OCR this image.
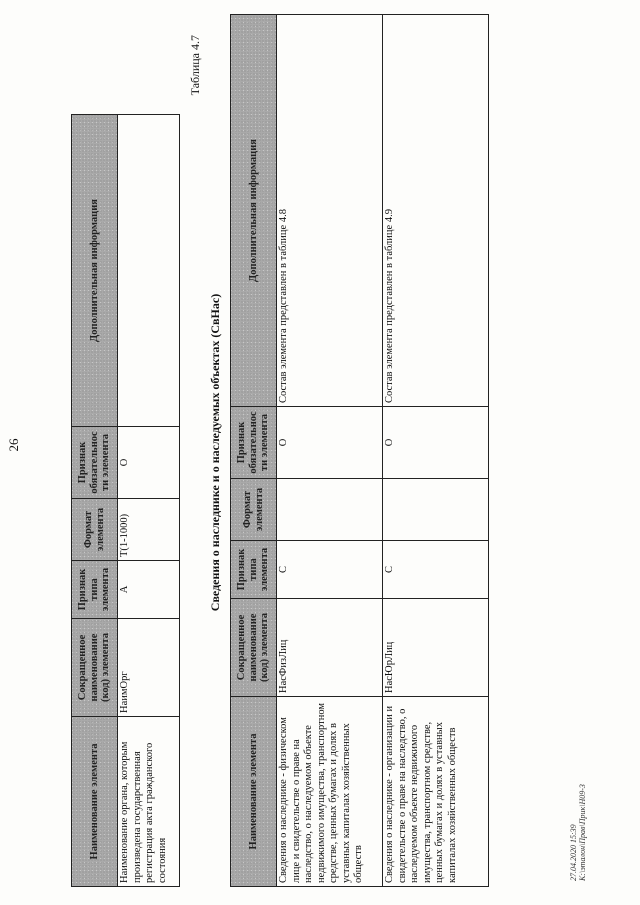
26
Наименование элемента	Сокращенное наименование (код) элемента	Признак типа элемента	Формат элемента	Признак обязательности элемента	Дополнительная информация
Наименование органа, которым произведена государственная регистрация акта гражданского состояния	НаимОрг	А	T(1-1000)	О	
Таблица 4.7
Сведения о наследнике и о наследуемых объектах (СвНас)
Наименование элемента	Сокращенное наименование (код) элемента	Признак типа элемента	Формат элемента	Признак обязательности элемента	Дополнительная информация
Сведения о наследнике - физическом лице и свидетельстве о праве на наследство, о наследуемом объекте недвижимого имущества, транспортном средстве, ценных бумагах и долях в уставных капиталах хозяйственных обществ	НасФизЛиц	С		О	Состав элемента представлен в таблице 4.8
Сведения о наследнике - организации и свидетельстве о праве на наследство, о наследуемом объекте недвижимого имущества, транспортном средстве, ценных бумагах и долях в уставных капиталах хозяйственных обществ	НасЮрЛиц	С		О	Состав элемента представлен в таблице 4.9
27.04.2020 15:39 К:\эталон\Прав\Прик\Н09-3
